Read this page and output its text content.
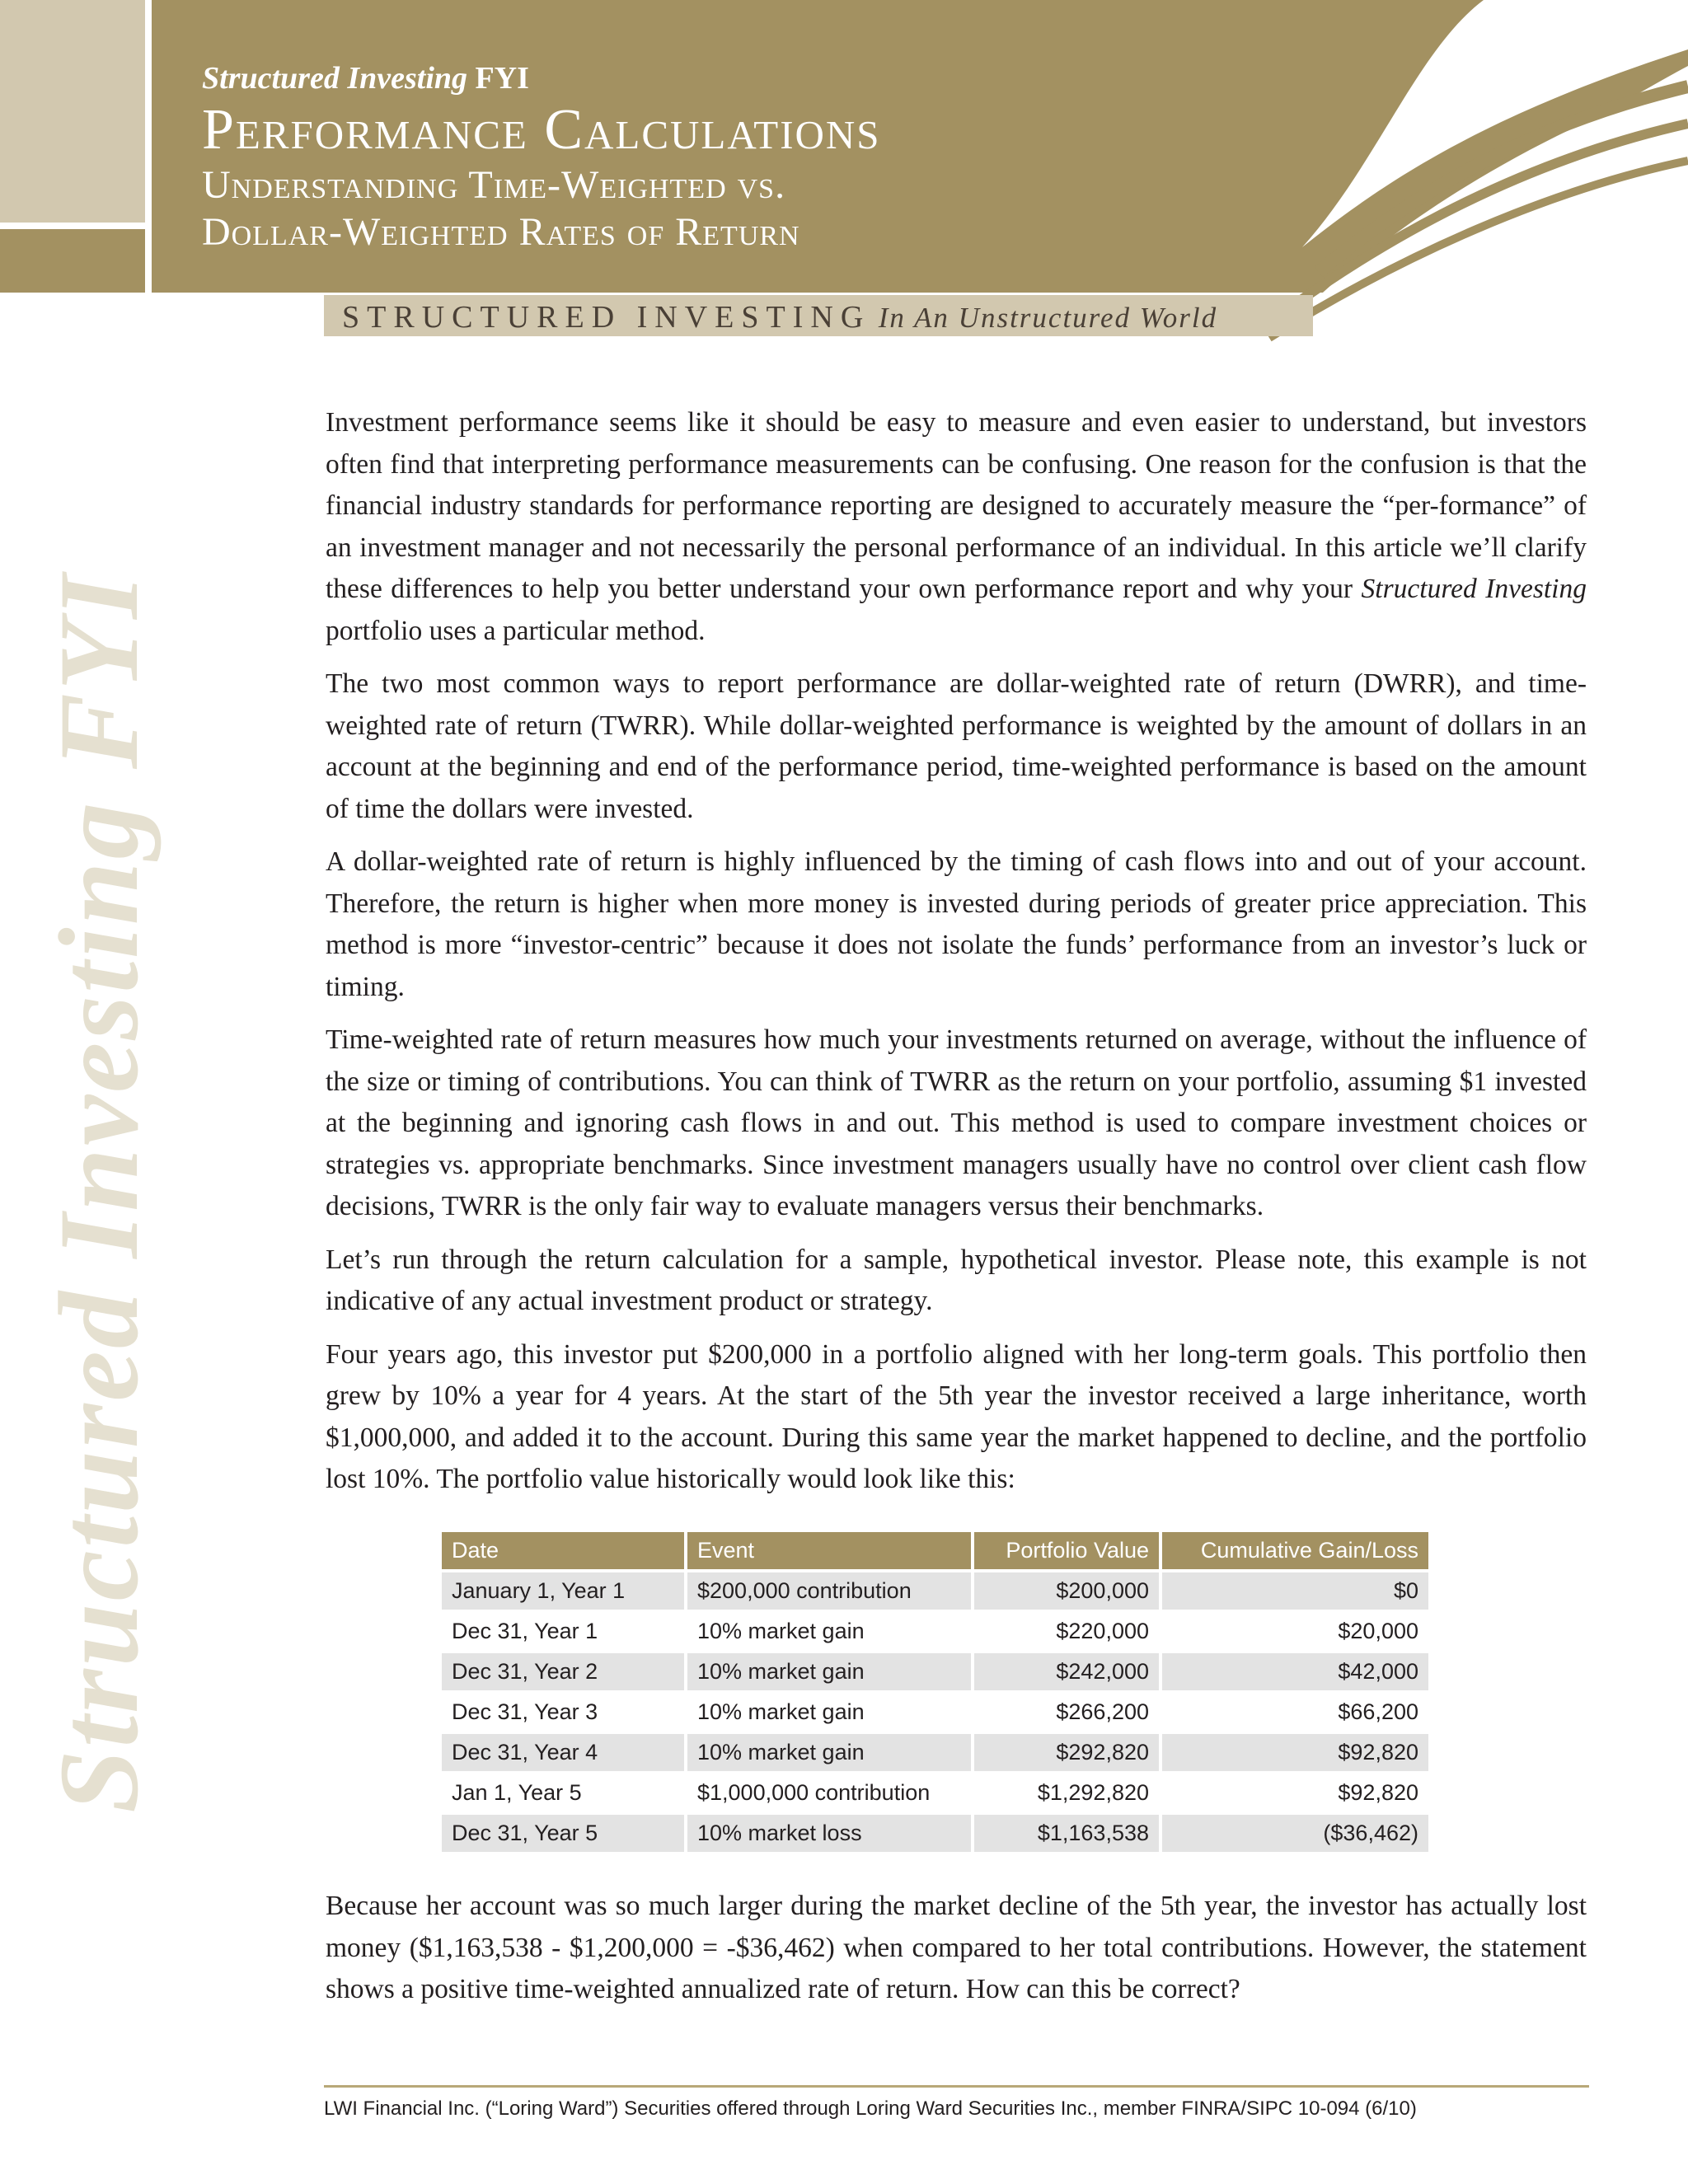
Structured Investing FYI
Performance Calculations
Understanding Time-Weighted vs.
Dollar-Weighted Rates of Return
STRUCTURED INVESTING In An Unstructured World
Structured Investing FYI

Investment performance seems like it should be easy to measure and even easier to understand, but investors often find that interpreting performance measurements can be confusing. One reason for the confusion is that the financial industry standards for performance reporting are designed to accurately measure the “per-formance” of an investment manager and not necessarily the personal performance of an individual. In this article we’ll clarify these differences to help you better understand your own performance report and why your Structured Investing portfolio uses a particular method.

The two most common ways to report performance are dollar-weighted rate of return (DWRR), and time-weighted rate of return (TWRR). While dollar-weighted performance is weighted by the amount of dollars in an account at the beginning and end of the performance period, time-weighted performance is based on the amount of time the dollars were invested.

A dollar-weighted rate of return is highly influenced by the timing of cash flows into and out of your account. Therefore, the return is higher when more money is invested during periods of greater price appreciation. This method is more “investor-centric” because it does not isolate the funds’ performance from an investor’s luck or timing.

Time-weighted rate of return measures how much your investments returned on average, without the influence of the size or timing of contributions. You can think of TWRR as the return on your portfolio, assuming $1 invested at the beginning and ignoring cash flows in and out. This method is used to compare investment choices or strategies vs. appropriate benchmarks. Since investment managers usually have no control over client cash flow decisions, TWRR is the only fair way to evaluate managers versus their benchmarks.

Let’s run through the return calculation for a sample, hypothetical investor. Please note, this example is not indicative of any actual investment product or strategy.

Four years ago, this investor put $200,000 in a portfolio aligned with her long-term goals. This portfolio then grew by 10% a year for 4 years. At the start of the 5th year the investor received a large inheritance, worth $1,000,000, and added it to the account. During this same year the market happened to decline, and the portfolio lost 10%. The portfolio value historically would look like this:

Date	Event	Portfolio Value	Cumulative Gain/Loss
January 1, Year 1	$200,000 contribution	$200,000	$0
Dec 31, Year 1	10% market gain	$220,000	$20,000
Dec 31, Year 2	10% market gain	$242,000	$42,000
Dec 31, Year 3	10% market gain	$266,200	$66,200
Dec 31, Year 4	10% market gain	$292,820	$92,820
Jan 1, Year 5	$1,000,000 contribution	$1,292,820	$92,820
Dec 31, Year 5	10% market loss	$1,163,538	($36,462)

Because her account was so much larger during the market decline of the 5th year, the investor has actually lost money ($1,163,538 - $1,200,000 = -$36,462) when compared to her total contributions. However, the statement shows a positive time-weighted annualized rate of return. How can this be correct?

LWI Financial Inc. (“Loring Ward”) Securities offered through Loring Ward Securities Inc., member FINRA/SIPC 10-094 (6/10)
